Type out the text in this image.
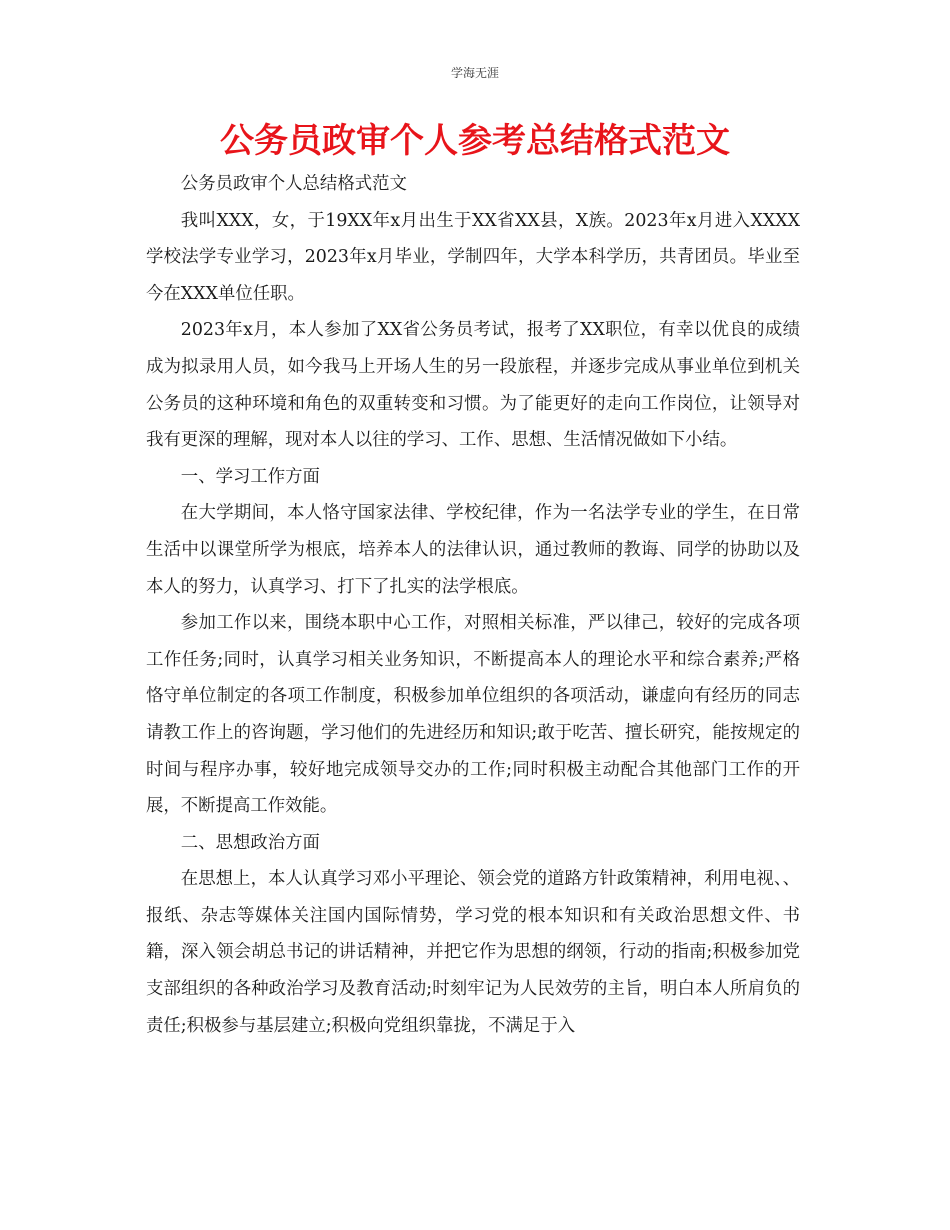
学海无涯
公务员政审个人参考总结格式范文

公务员政审个人总结格式范文

我叫XXX，女，于19XX年x月出生于XX省XX县，X族。2023年x月进入XXXX学校法学专业学习，2023年x月毕业，学制四年，大学本科学历，共青团员。毕业至今在XXX单位任职。

2023年x月，本人参加了XX省公务员考试，报考了XX职位，有幸以优良的成绩成为拟录用人员，如今我马上开场人生的另一段旅程，并逐步完成从事业单位到机关公务员的这种环境和角色的双重转变和习惯。为了能更好的走向工作岗位，让领导对我有更深的理解，现对本人以往的学习、工作、思想、生活情况做如下小结。

一、学习工作方面

在大学期间，本人恪守国家法律、学校纪律，作为一名法学专业的学生，在日常生活中以课堂所学为根底，培养本人的法律认识，通过教师的教诲、同学的协助以及本人的努力，认真学习、打下了扎实的法学根底。

参加工作以来，围绕本职中心工作，对照相关标准，严以律己，较好的完成各项工作任务;同时，认真学习相关业务知识，不断提高本人的理论水平和综合素养;严格恪守单位制定的各项工作制度，积极参加单位组织的各项活动，谦虚向有经历的同志请教工作上的咨询题，学习他们的先进经历和知识;敢于吃苦、擅长研究，能按规定的时间与程序办事，较好地完成领导交办的工作;同时积极主动配合其他部门工作的开展，不断提高工作效能。

二、思想政治方面

在思想上，本人认真学习邓小平理论、领会党的道路方针政策精神，利用电视、、报纸、杂志等媒体关注国内国际情势，学习党的根本知识和有关政治思想文件、书籍，深入领会胡总书记的讲话精神，并把它作为思想的纲领，行动的指南;积极参加党支部组织的各种政治学习及教育活动;时刻牢记为人民效劳的主旨，明白本人所肩负的责任;积极参与基层建立;积极向党组织靠拢，不满足于入
